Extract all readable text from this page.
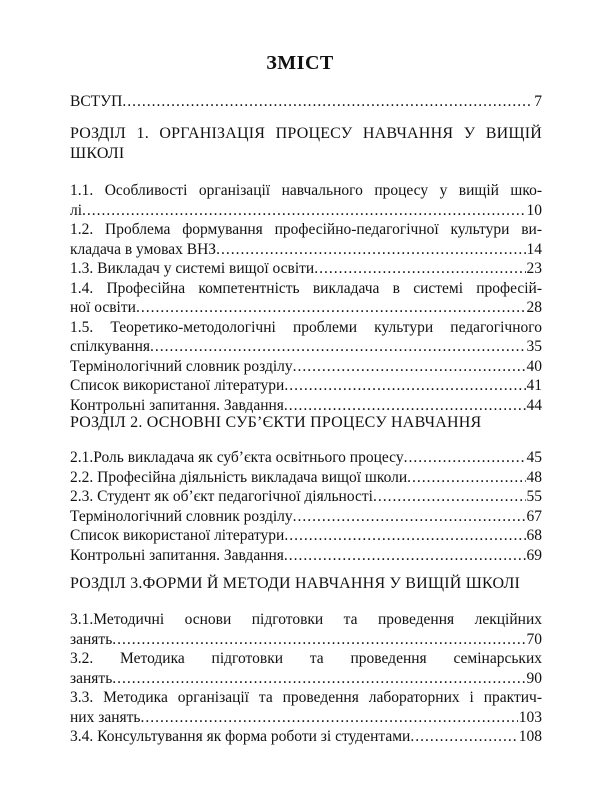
ЗМІСТ
ВСТУП .....	7
РОЗДІЛ 1. ОРГАНІЗАЦІЯ ПРОЦЕСУ НАВЧАННЯ У ВИЩІЙ
ШКОЛІ
1.1. Особливості організації навчального процесу у вищій шко-
лі .....	10
1.2. Проблема формування професійно-педагогічної культури ви-
кладача в умовах ВНЗ .....	14
1.3. Викладач у системі вищої освіти .....	23
1.4. Професійна компетентність викладача в системі професій-
ної освіти .....	28
1.5. Теоретико-методологічні проблеми культури педагогічного
спілкування .....	35
Термінологічний словник розділу .....	40
Список використаної літератури .....	41
Контрольні запитання. Завдання .....	44
РОЗДІЛ 2. ОСНОВНІ СУБ’ЄКТИ ПРОЦЕСУ НАВЧАННЯ
2.1.Роль викладача як суб’єкта освітнього процесу .....	45
2.2. Професійна діяльність викладача вищої школи .....	48
2.3. Студент як об’єкт педагогічної діяльності .....	55
Термінологічний словник розділу .....	67
Список використаної літератури .....	68
Контрольні запитання. Завдання .....	69
РОЗДІЛ 3.ФОРМИ Й МЕТОДИ НАВЧАННЯ У ВИЩІЙ ШКОЛІ
3.1.Методичні основи підготовки та проведення лекційних
занять .....	70
3.2. Методика підготовки та проведення семінарських
занять .....	90
3.3. Методика організації та проведення лабораторних і практич-
них занять .....	103
3.4. Консультування як форма роботи зі студентами .....	108
